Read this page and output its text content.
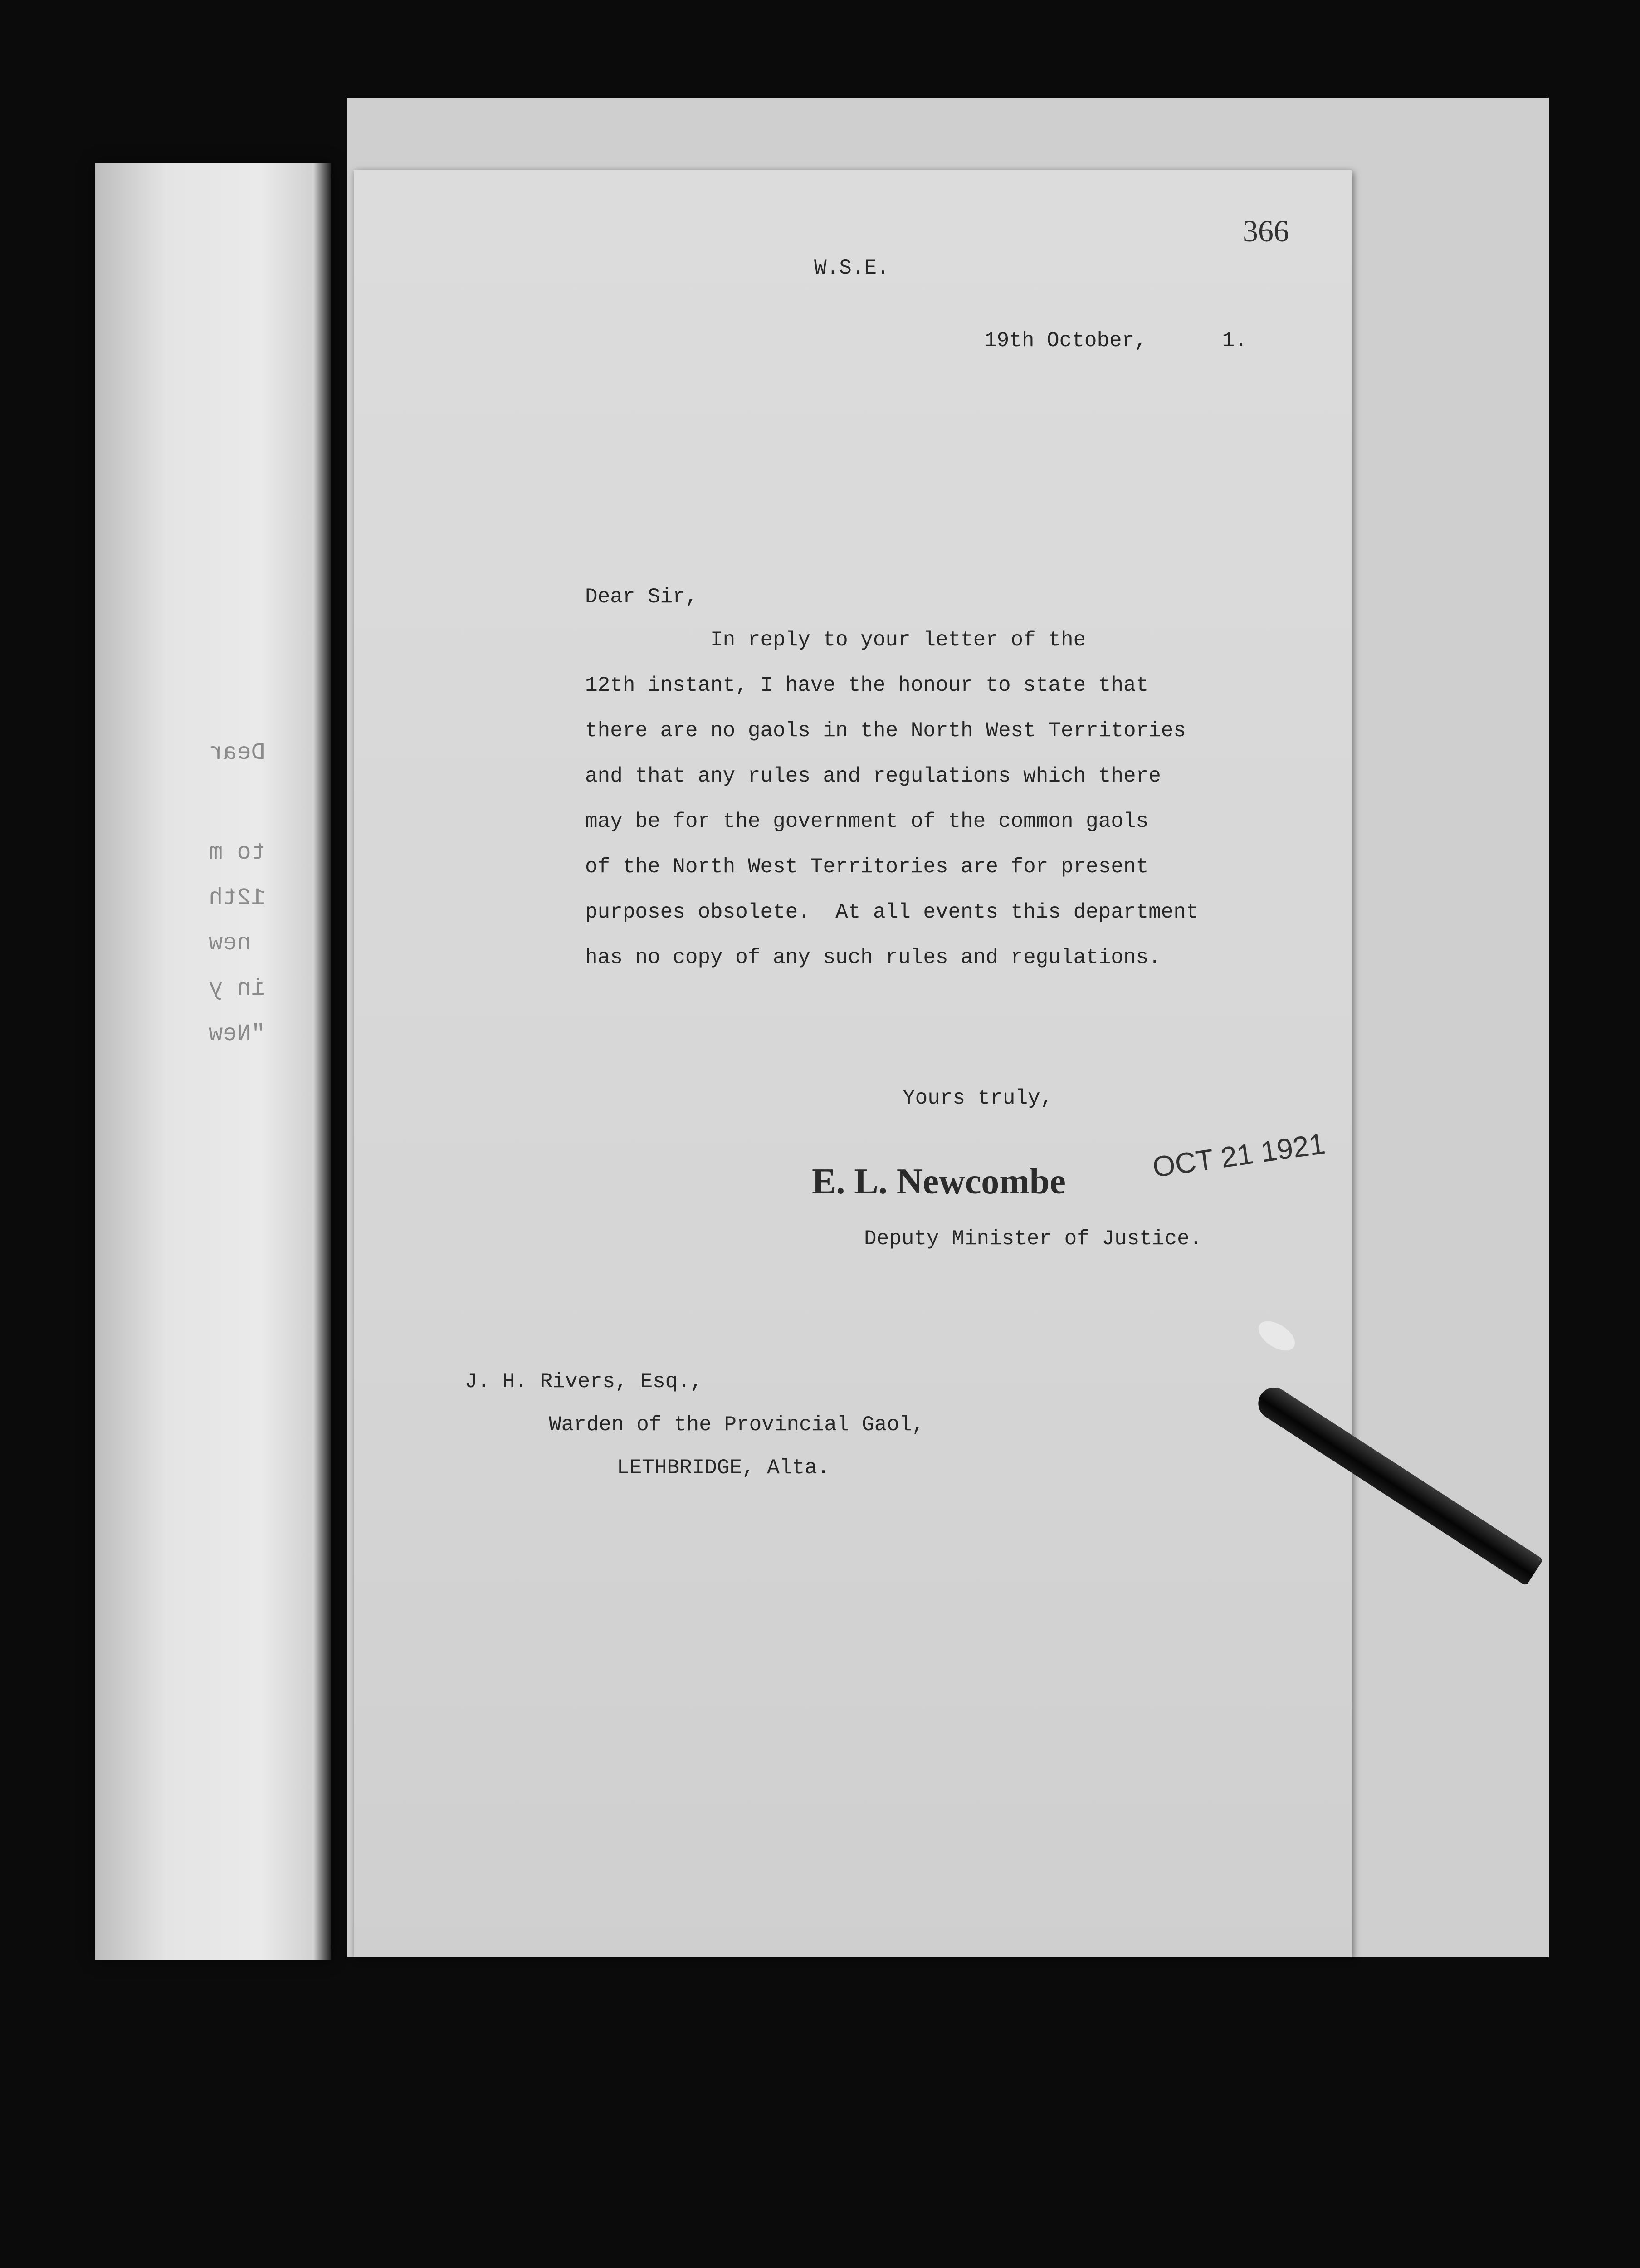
Dear
to m
12th
new
in y
"New
366
W.S.E.
19th October,      1.
Dear Sir,
In reply to your letter of the
12th instant, I have the honour to state that
there are no gaols in the North West Territories
and that any rules and regulations which there
may be for the government of the common gaols
of the North West Territories are for present
purposes obsolete.  At all events this department
has no copy of any such rules and regulations.
Yours truly,
OCT 21 1921
E. L. Newcombe
Deputy Minister of Justice.
J. H. Rivers, Esq.,
Warden of the Provincial Gaol,
LETHBRIDGE, Alta.
